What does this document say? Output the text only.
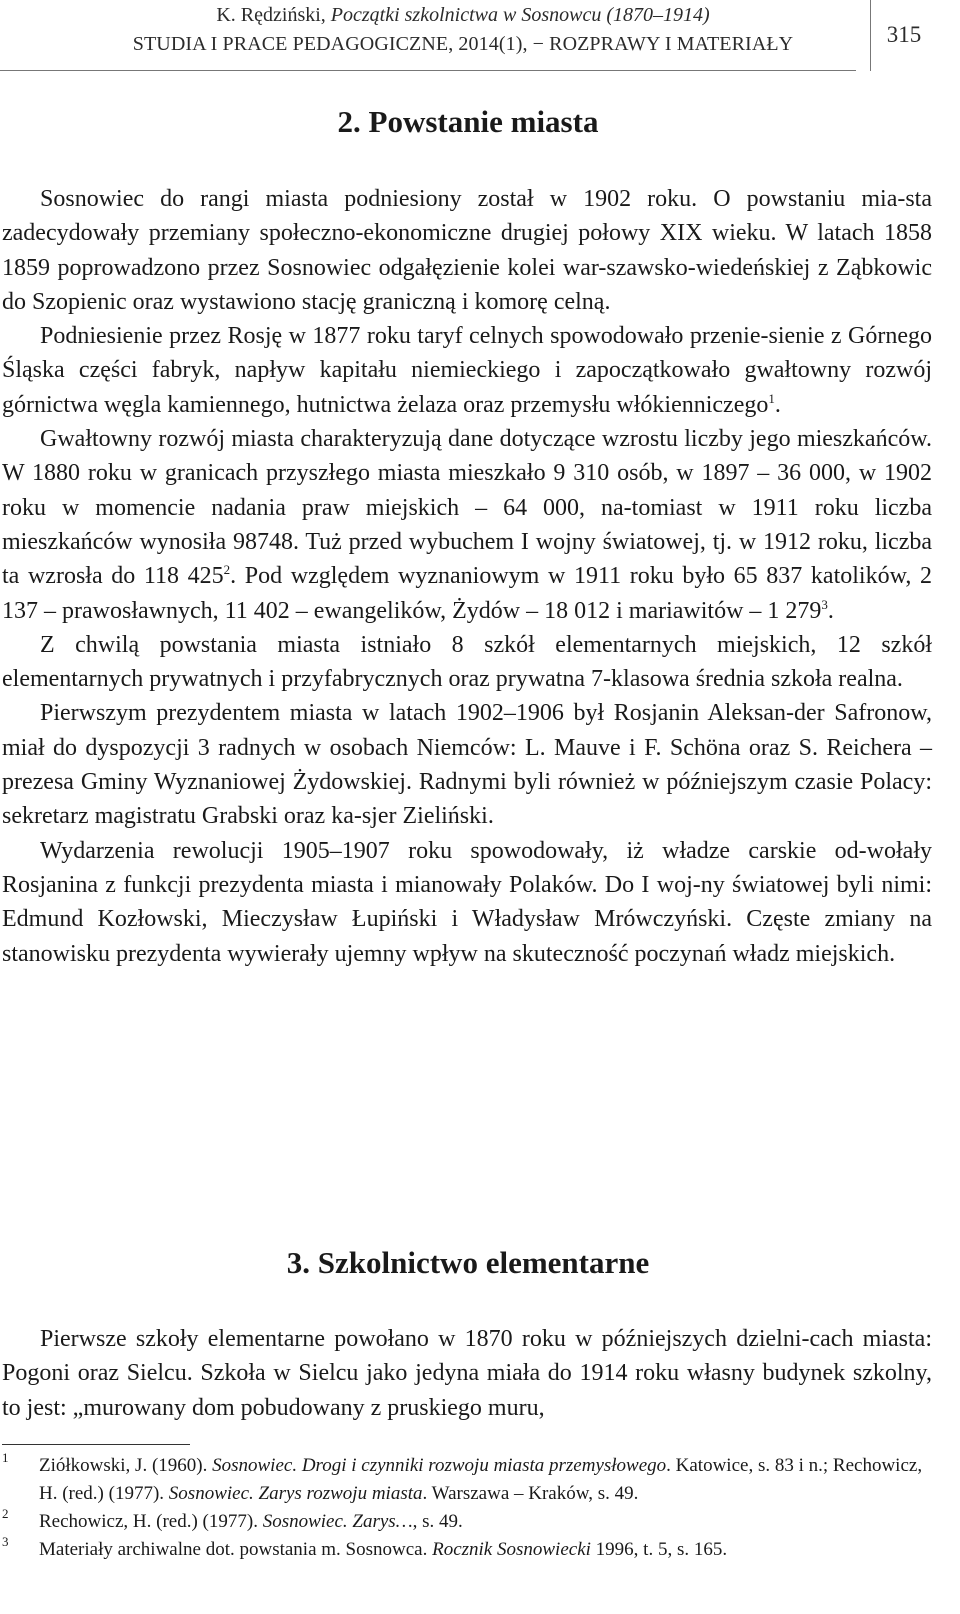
K. Rędziński, Początki szkolnictwa w Sosnowcu (1870–1914)
STUDIA I PRACE PEDAGOGICZNE, 2014(1), − ROZPRAWY I MATERIAŁY	315
2. Powstanie miasta

Sosnowiec do rangi miasta podniesiony został w 1902 roku. O powstaniu mia-sta zadecydowały przemiany społeczno-ekonomiczne drugiej połowy XIX wieku. W latach 1858 1859 poprowadzono przez Sosnowiec odgałęzienie kolei war-szawsko-wiedeńskiej z Ząbkowic do Szopienic oraz wystawiono stację graniczną i komorę celną.

Podniesienie przez Rosję w 1877 roku taryf celnych spowodowało przenie-sienie z Górnego Śląska części fabryk, napływ kapitału niemieckiego i zapoczątkowało gwałtowny rozwój górnictwa węgla kamiennego, hutnictwa żelaza oraz przemysłu włókienniczego$^1$.

Gwałtowny rozwój miasta charakteryzują dane dotyczące wzrostu liczby jego mieszkańców. W 1880 roku w granicach przyszłego miasta mieszkało 9 310 osób, w 1897 – 36 000, w 1902 roku w momencie nadania praw miejskich – 64 000, na-tomiast w 1911 roku liczba mieszkańców wynosiła 98748. Tuż przed wybuchem I wojny światowej, tj. w 1912 roku, liczba ta wzrosła do 118 $425^2$. Pod względem wyznaniowym w 1911 roku było 65 837 katolików, 2 137 – prawosławnych, 11 402 – ewangelików, Żydów – 18 012 i mariawitów – 1 $279^3$.

Z chwilą powstania miasta istniało 8 szkół elementarnych miejskich, 12 szkół elementarnych prywatnych i przyfabrycznych oraz prywatna 7-klasowa średnia szkoła realna.

Pierwszym prezydentem miasta w latach 1902–1906 był Rosjanin Aleksan-der Safronow, miał do dyspozycji 3 radnych w osobach Niemców: L. Mauve i F. Schöna oraz S. Reichera – prezesa Gminy Wyznaniowej Żydowskiej. Radnymi byli również w późniejszym czasie Polacy: sekretarz magistratu Grabski oraz ka-sjer Zieliński.

Wydarzenia rewolucji 1905–1907 roku spowodowały, iż władze carskie od-wołały Rosjanina z funkcji prezydenta miasta i mianowały Polaków. Do I woj-ny światowej byli nimi: Edmund Kozłowski, Mieczysław Łupiński i Władysław Mrówczyński. Częste zmiany na stanowisku prezydenta wywierały ujemny wpływ na skuteczność poczynań władz miejskich.

3. Szkolnictwo elementarne

Pierwsze szkoły elementarne powołano w 1870 roku w późniejszych dzielni-cach miasta: Pogoni oraz Sielcu. Szkoła w Sielcu jako jedyna miała do 1914 roku własny budynek szkolny, to jest: „murowany dom pobudowany z pruskiego muru,

1 Ziółkowski, J. (1960). Sosnowiec. Drogi i czynniki rozwoju miasta przemysłowego. Katowice, s. 83 i n.; Rechowicz, H. (red.) (1977). Sosnowiec. Zarys rozwoju miasta. Warszawa – Kraków, s. 49.

2 Rechowicz, H. (red.) (1977). Sosnowiec. Zarys…, s. 49.

3 Materiały archiwalne dot. powstania m. Sosnowca. Rocznik Sosnowiecki 1996, t. 5, s. 165.
